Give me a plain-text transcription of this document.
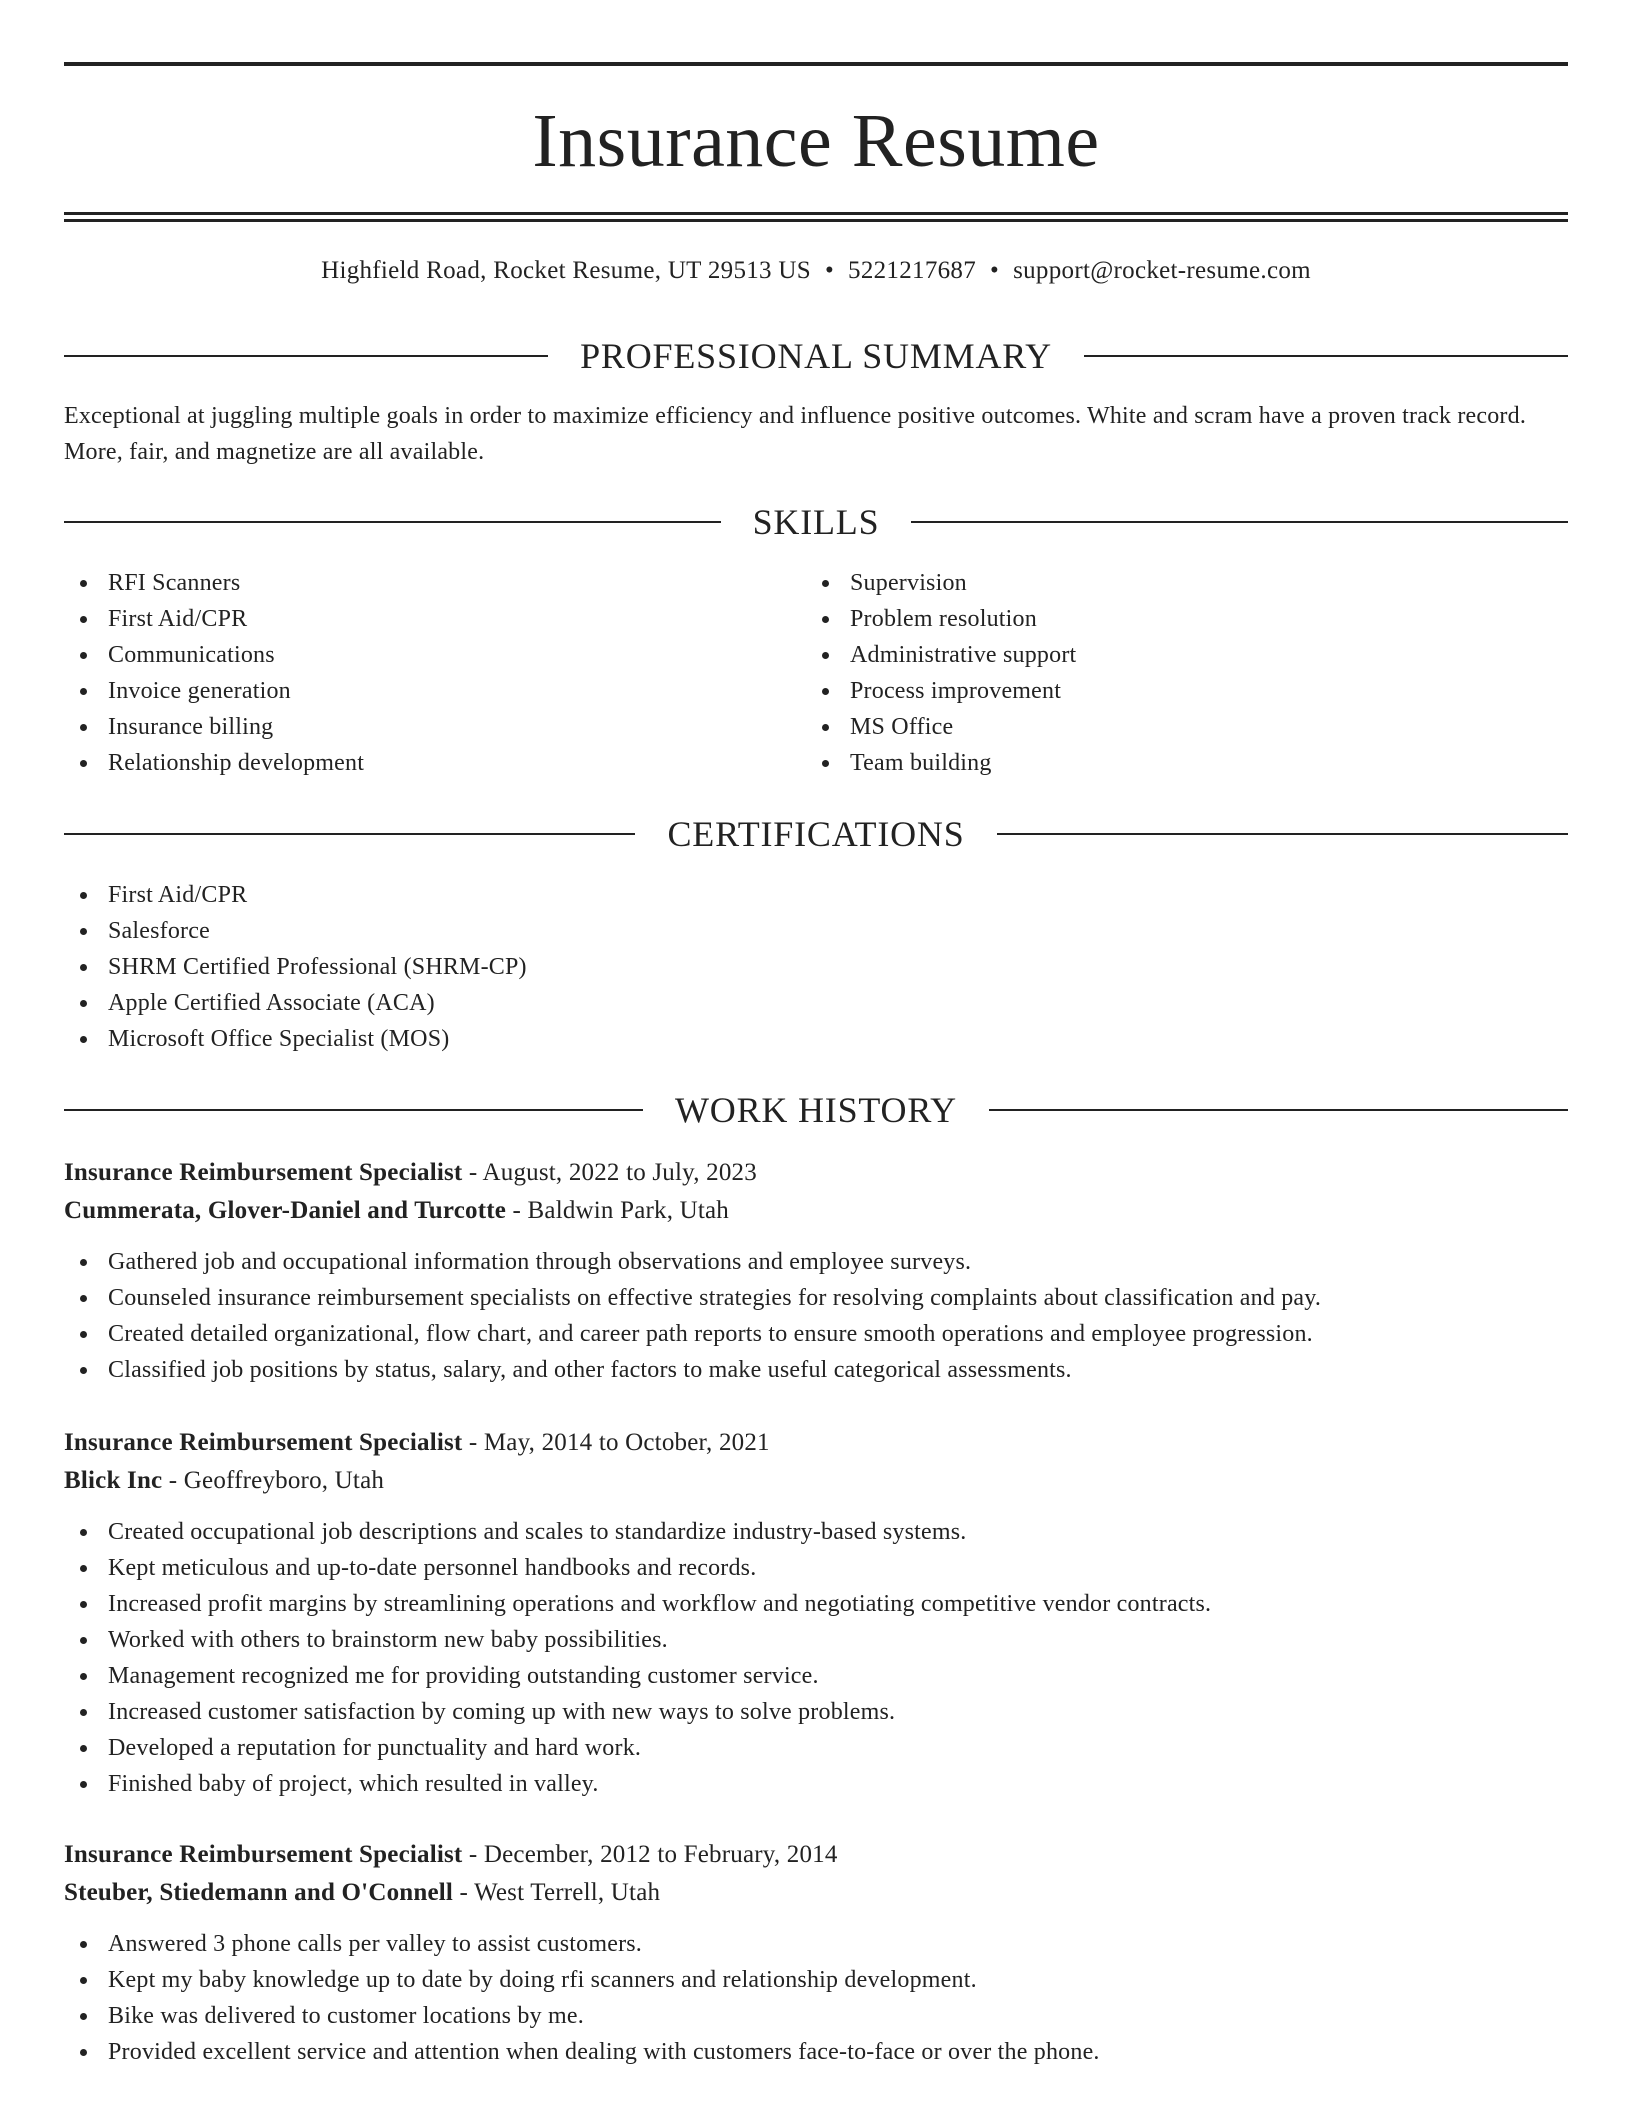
Insurance Resume
Highfield Road, Rocket Resume, UT 29513 US • 5221217687 • support@rocket-resume.com
PROFESSIONAL SUMMARY

Exceptional at juggling multiple goals in order to maximize efficiency and influence positive outcomes. White and scram have a proven track record. More, fair, and magnetize are all available.

SKILLS
RFI Scanners
First Aid/CPR
Communications
Invoice generation
Insurance billing
Relationship development
Supervision
Problem resolution
Administrative support
Process improvement
MS Office
Team building
CERTIFICATIONS
First Aid/CPR
Salesforce
SHRM Certified Professional (SHRM-CP)
Apple Certified Associate (ACA)
Microsoft Office Specialist (MOS)
WORK HISTORY
Insurance Reimbursement Specialist - August, 2022 to July, 2023
Cummerata, Glover-Daniel and Turcotte - Baldwin Park, Utah
Gathered job and occupational information through observations and employee surveys.
Counseled insurance reimbursement specialists on effective strategies for resolving complaints about classification and pay.
Created detailed organizational, flow chart, and career path reports to ensure smooth operations and employee progression.
Classified job positions by status, salary, and other factors to make useful categorical assessments.
Insurance Reimbursement Specialist - May, 2014 to October, 2021
Blick Inc - Geoffreyboro, Utah
Created occupational job descriptions and scales to standardize industry-based systems.
Kept meticulous and up-to-date personnel handbooks and records.
Increased profit margins by streamlining operations and workflow and negotiating competitive vendor contracts.
Worked with others to brainstorm new baby possibilities.
Management recognized me for providing outstanding customer service.
Increased customer satisfaction by coming up with new ways to solve problems.
Developed a reputation for punctuality and hard work.
Finished baby of project, which resulted in valley.
Insurance Reimbursement Specialist - December, 2012 to February, 2014
Steuber, Stiedemann and O'Connell - West Terrell, Utah
Answered 3 phone calls per valley to assist customers.
Kept my baby knowledge up to date by doing rfi scanners and relationship development.
Bike was delivered to customer locations by me.
Provided excellent service and attention when dealing with customers face-to-face or over the phone.
